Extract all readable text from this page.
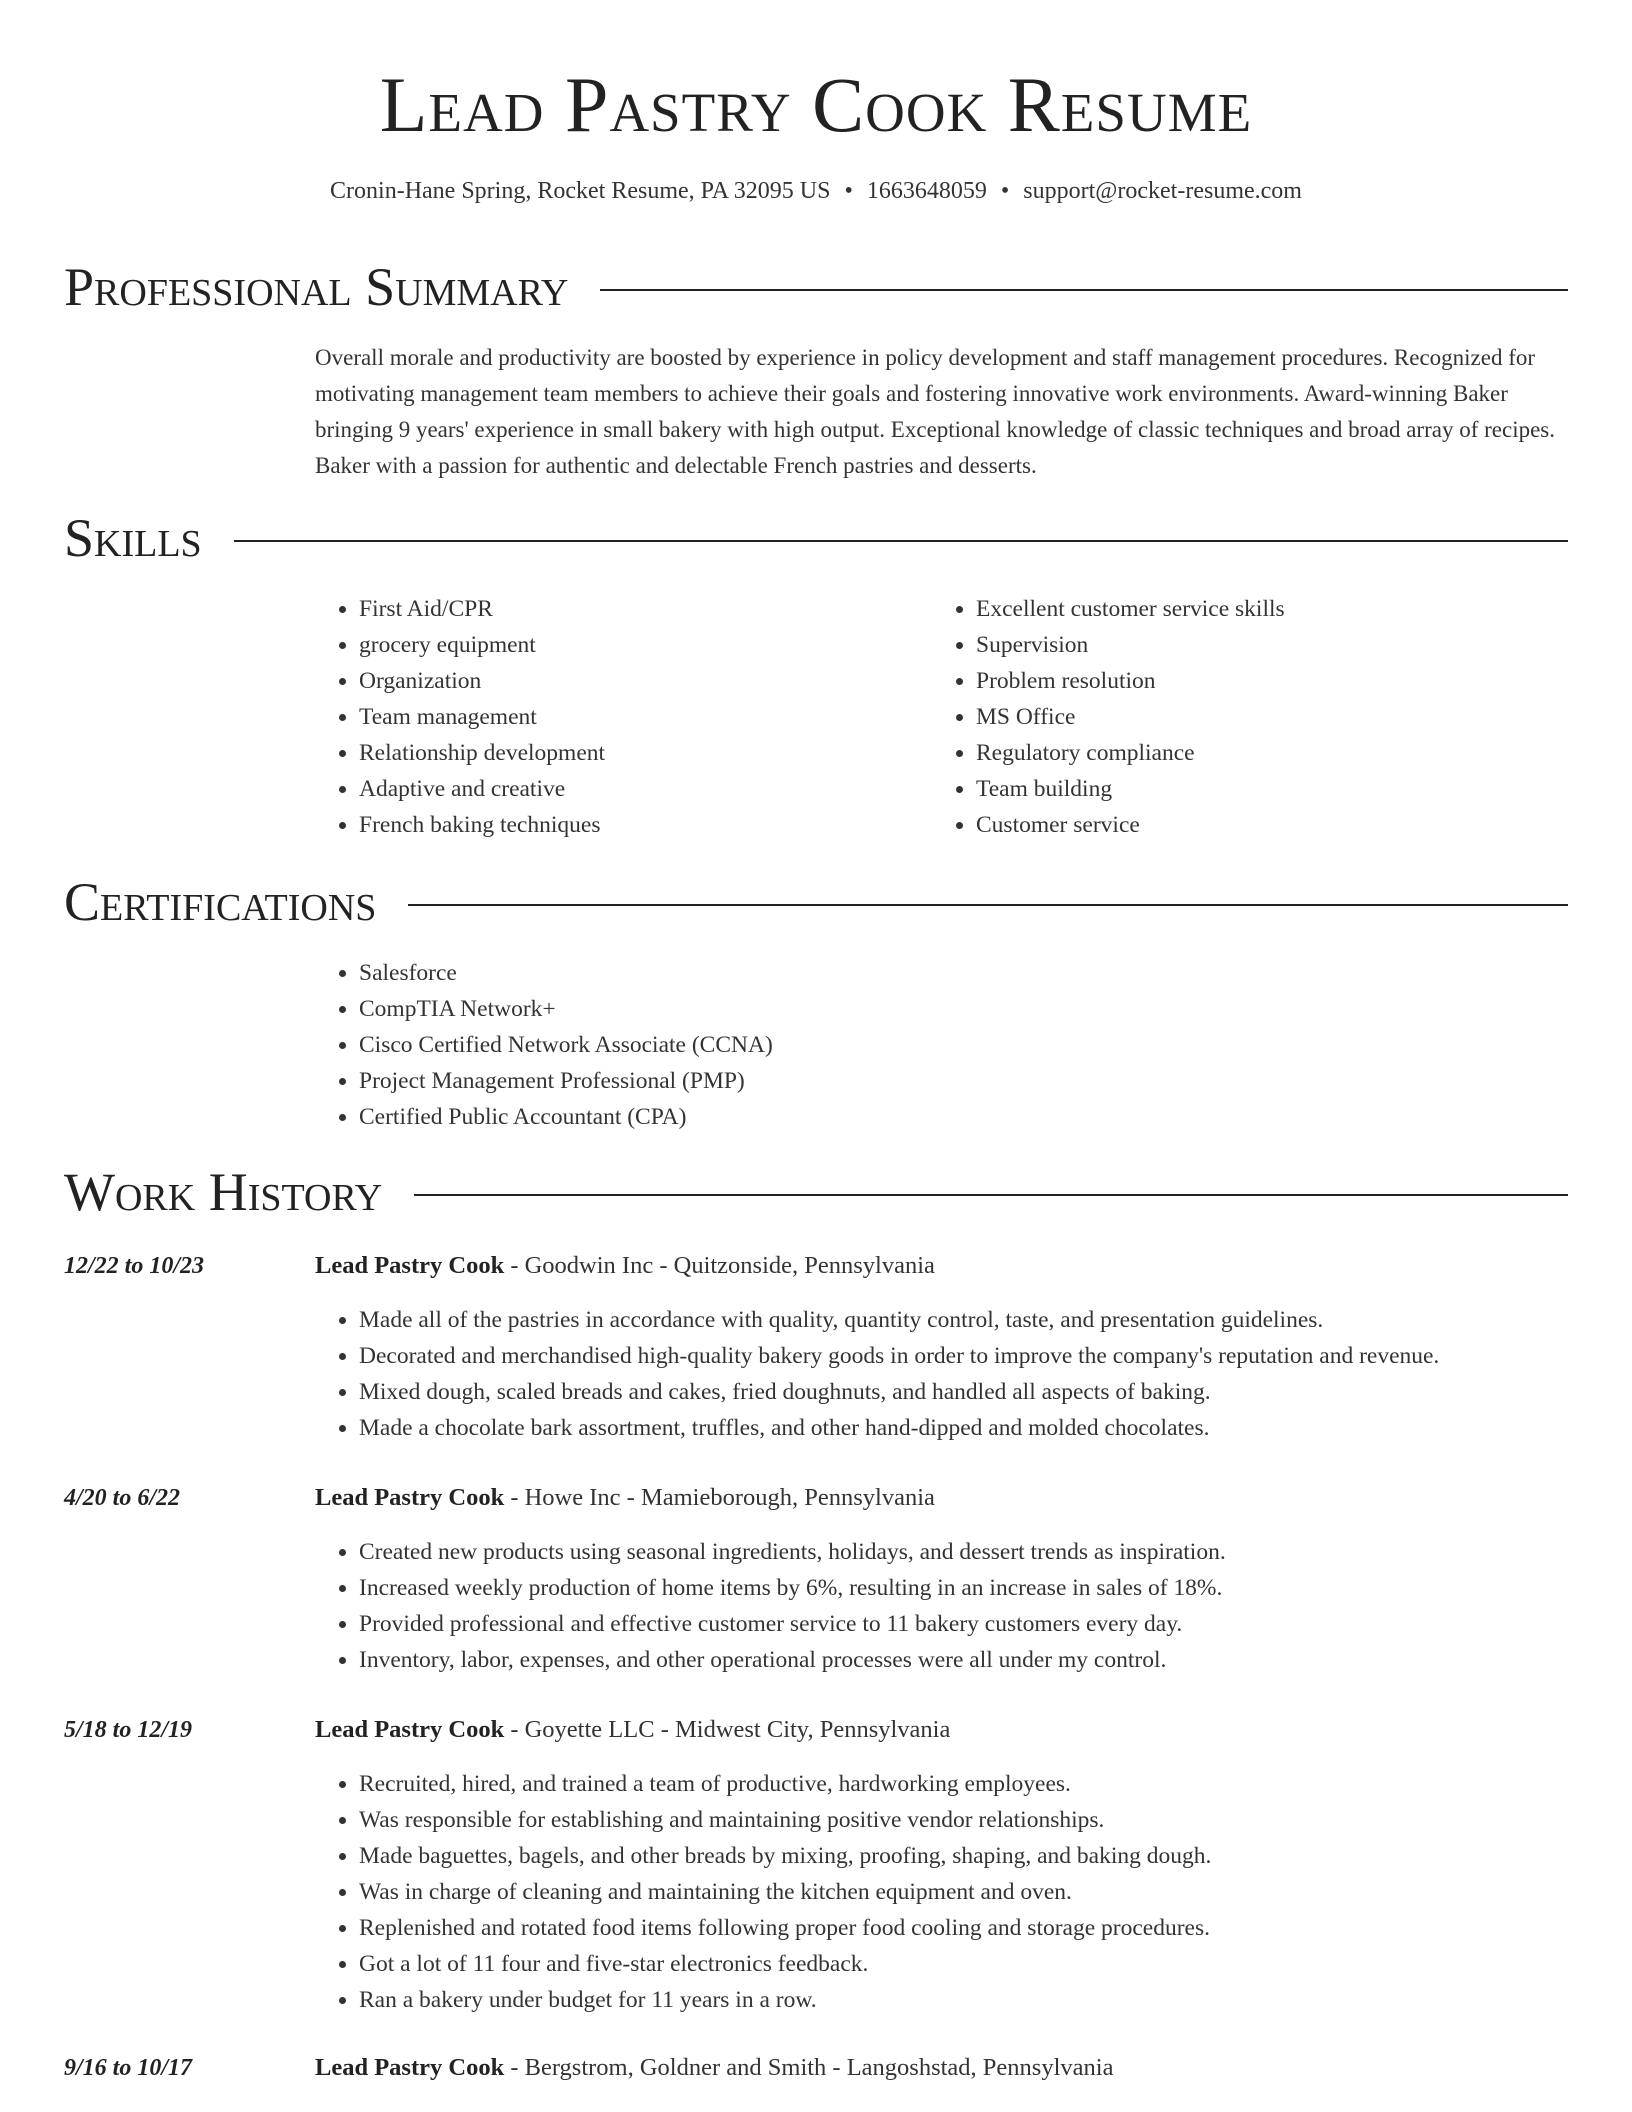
Lead Pastry Cook Resume
Cronin-Hane Spring, Rocket Resume, PA 32095 US • 1663648059 • support@rocket-resume.com
Professional Summary

Overall morale and productivity are boosted by experience in policy development and staff management procedures. Recognized for motivating management team members to achieve their goals and fostering innovative work environments. Award-winning Baker bringing 9 years' experience in small bakery with high output. Exceptional knowledge of classic techniques and broad array of recipes. Baker with a passion for authentic and delectable French pastries and desserts.

Skills
• First Aid/CPR
• grocery equipment
• Organization
• Team management
• Relationship development
• Adaptive and creative
• French baking techniques
• Excellent customer service skills
• Supervision
• Problem resolution
• MS Office
• Regulatory compliance
• Team building
• Customer service
Certifications
• Salesforce
• CompTIA Network+
• Cisco Certified Network Associate (CCNA)
• Project Management Professional (PMP)
• Certified Public Accountant (CPA)
Work History
12/22 to 10/23	Lead Pastry Cook - Goodwin Inc - Quitzonside, Pennsylvania
• Made all of the pastries in accordance with quality, quantity control, taste, and presentation guidelines.
• Decorated and merchandised high-quality bakery goods in order to improve the company's reputation and revenue.
• Mixed dough, scaled breads and cakes, fried doughnuts, and handled all aspects of baking.
• Made a chocolate bark assortment, truffles, and other hand-dipped and molded chocolates.
4/20 to 6/22	Lead Pastry Cook - Howe Inc - Mamieborough, Pennsylvania
• Created new products using seasonal ingredients, holidays, and dessert trends as inspiration.
• Increased weekly production of home items by 6%, resulting in an increase in sales of 18%.
• Provided professional and effective customer service to 11 bakery customers every day.
• Inventory, labor, expenses, and other operational processes were all under my control.
5/18 to 12/19	Lead Pastry Cook - Goyette LLC - Midwest City, Pennsylvania
• Recruited, hired, and trained a team of productive, hardworking employees.
• Was responsible for establishing and maintaining positive vendor relationships.
• Made baguettes, bagels, and other breads by mixing, proofing, shaping, and baking dough.
• Was in charge of cleaning and maintaining the kitchen equipment and oven.
• Replenished and rotated food items following proper food cooling and storage procedures.
• Got a lot of 11 four and five-star electronics feedback.
• Ran a bakery under budget for 11 years in a row.
9/16 to 10/17	Lead Pastry Cook - Bergstrom, Goldner and Smith - Langoshstad, Pennsylvania
